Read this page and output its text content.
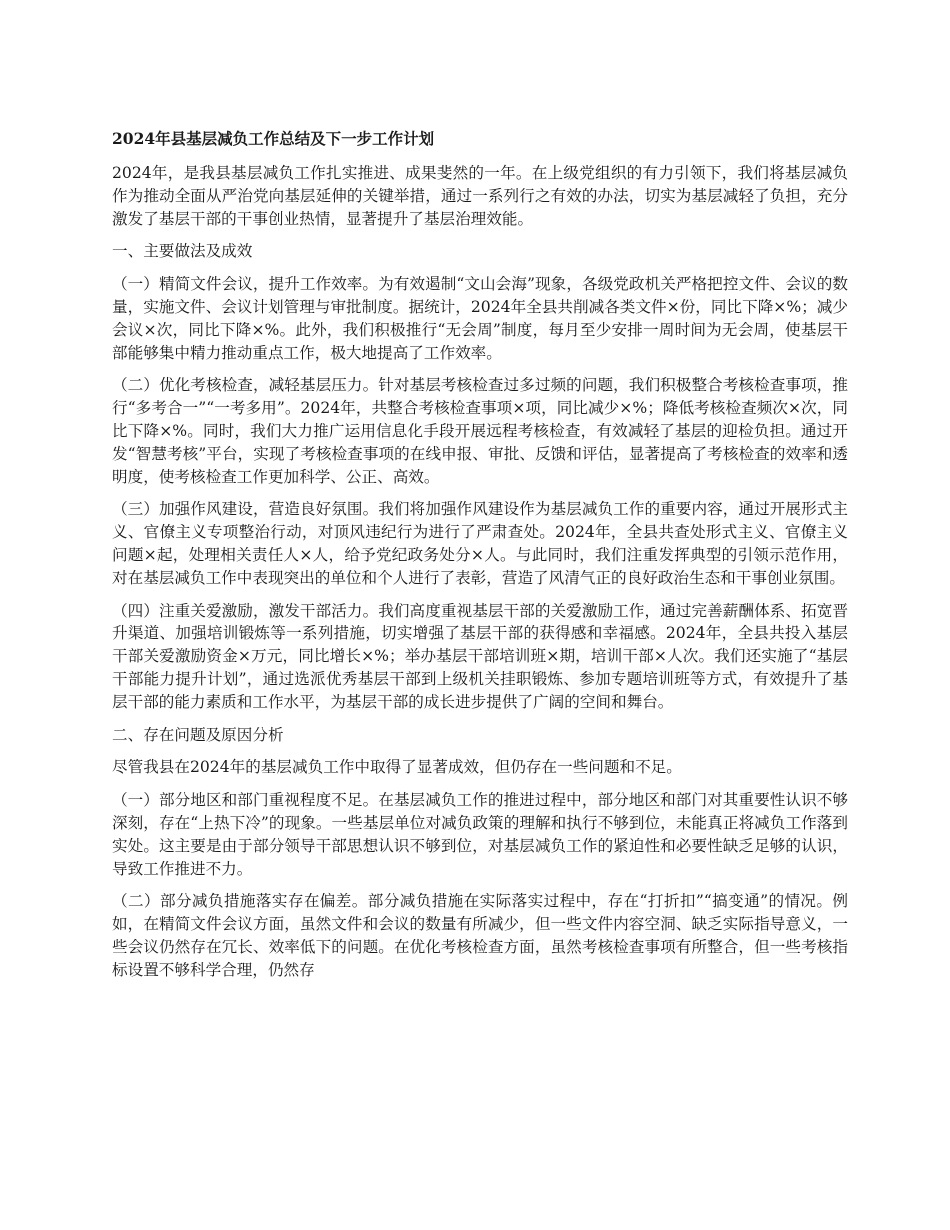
2024年县基层减负工作总结及下一步工作计划

2024年，是我县基层减负工作扎实推进、成果斐然的一年。在上级党组织的有力引领下，我们将基层减负作为推动全面从严治党向基层延伸的关键举措，通过一系列行之有效的办法，切实为基层减轻了负担，充分激发了基层干部的干事创业热情，显著提升了基层治理效能。

一、主要做法及成效

（一）精简文件会议，提升工作效率。为有效遏制“文山会海”现象，各级党政机关严格把控文件、会议的数量，实施文件、会议计划管理与审批制度。据统计，2024年全县共削减各类文件×份，同比下降×%；减少会议×次，同比下降×%。此外，我们积极推行“无会周”制度，每月至少安排一周时间为无会周，使基层干部能够集中精力推动重点工作，极大地提高了工作效率。

（二）优化考核检查，减轻基层压力。针对基层考核检查过多过频的问题，我们积极整合考核检查事项，推行“多考合一”“一考多用”。2024年，共整合考核检查事项×项，同比减少×%；降低考核检查频次×次，同比下降×%。同时，我们大力推广运用信息化手段开展远程考核检查，有效减轻了基层的迎检负担。通过开发“智慧考核”平台，实现了考核检查事项的在线申报、审批、反馈和评估，显著提高了考核检查的效率和透明度，使考核检查工作更加科学、公正、高效。

（三）加强作风建设，营造良好氛围。我们将加强作风建设作为基层减负工作的重要内容，通过开展形式主义、官僚主义专项整治行动，对顶风违纪行为进行了严肃查处。2024年，全县共查处形式主义、官僚主义问题×起，处理相关责任人×人，给予党纪政务处分×人。与此同时，我们注重发挥典型的引领示范作用，对在基层减负工作中表现突出的单位和个人进行了表彰，营造了风清气正的良好政治生态和干事创业氛围。

（四）注重关爱激励，激发干部活力。我们高度重视基层干部的关爱激励工作，通过完善薪酬体系、拓宽晋升渠道、加强培训锻炼等一系列措施，切实增强了基层干部的获得感和幸福感。2024年，全县共投入基层干部关爱激励资金×万元，同比增长×%；举办基层干部培训班×期，培训干部×人次。我们还实施了“基层干部能力提升计划”，通过选派优秀基层干部到上级机关挂职锻炼、参加专题培训班等方式，有效提升了基层干部的能力素质和工作水平，为基层干部的成长进步提供了广阔的空间和舞台。

二、存在问题及原因分析

尽管我县在2024年的基层减负工作中取得了显著成效，但仍存在一些问题和不足。

（一）部分地区和部门重视程度不足。在基层减负工作的推进过程中，部分地区和部门对其重要性认识不够深刻，存在“上热下冷”的现象。一些基层单位对减负政策的理解和执行不够到位，未能真正将减负工作落到实处。这主要是由于部分领导干部思想认识不够到位，对基层减负工作的紧迫性和必要性缺乏足够的认识，导致工作推进不力。

（二）部分减负措施落实存在偏差。部分减负措施在实际落实过程中，存在“打折扣”“搞变通”的情况。例如，在精简文件会议方面，虽然文件和会议的数量有所减少，但一些文件内容空洞、缺乏实际指导意义，一些会议仍然存在冗长、效率低下的问题。在优化考核检查方面，虽然考核检查事项有所整合，但一些考核指标设置不够科学合理，仍然存
